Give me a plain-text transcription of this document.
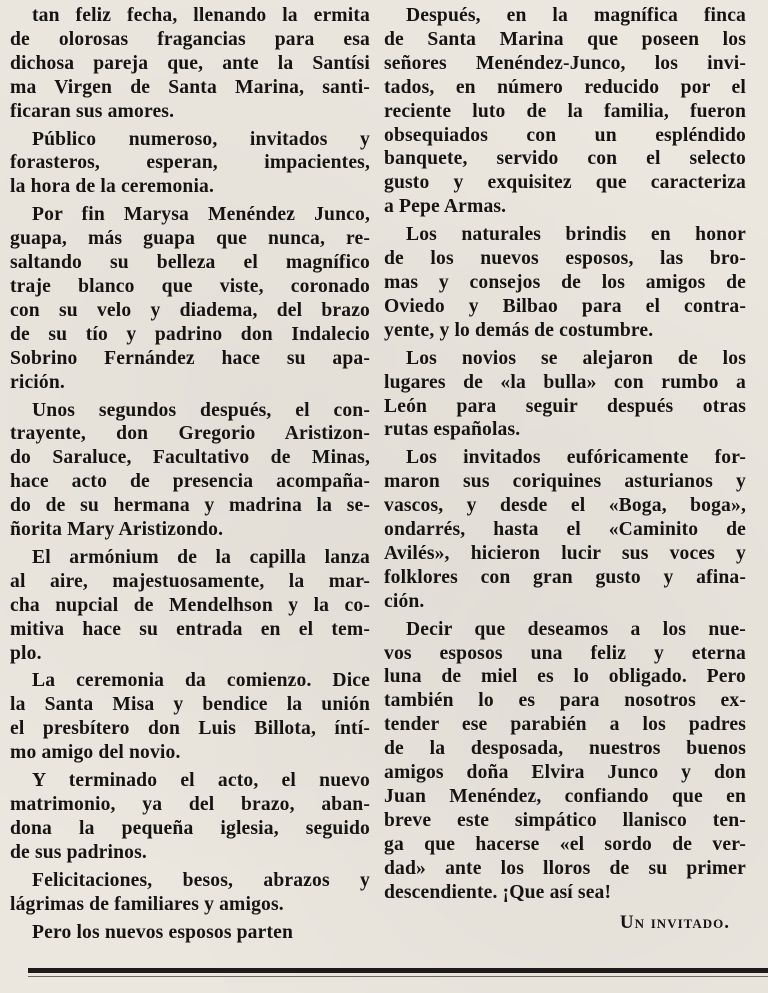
tan feliz fecha, llenando la ermita
de olorosas fragancias para esa
dichosa pareja que, ante la Santísi
ma Virgen de Santa Marina, santi-
ficaran sus amores.
Público numeroso, invitados y
forasteros, esperan, impacientes,
la hora de la ceremonia.
Por fin Marysa Menéndez Junco,
guapa, más guapa que nunca, re-
saltando su belleza el magnífico
traje blanco que viste, coronado
con su velo y diadema, del brazo
de su tío y padrino don Indalecio
Sobrino Fernández hace su apa-
rición.
Unos segundos después, el con-
trayente, don Gregorio Aristizon-
do Saraluce, Facultativo de Minas,
hace acto de presencia acompaña-
do de su hermana y madrina la se-
ñorita Mary Aristizondo.
El armónium de la capilla lanza
al aire, majestuosamente, la mar-
cha nupcial de Mendelhson y la co-
mitiva hace su entrada en el tem-
plo.
La ceremonia da comienzo. Dice
la Santa Misa y bendice la unión
el presbítero don Luis Billota, íntí-
mo amigo del novio.
Y terminado el acto, el nuevo
matrimonio, ya del brazo, aban-
dona la pequeña iglesia, seguido
de sus padrinos.
Felicitaciones, besos, abrazos y
lágrimas de familiares y amigos.
Pero los nuevos esposos parten
Después, en la magnífica finca
de Santa Marina que poseen los
señores Menéndez-Junco, los invi-
tados, en número reducido por el
reciente luto de la familia, fueron
obsequiados con un espléndido
banquete, servido con el selecto
gusto y exquisitez que caracteriza
a Pepe Armas.
Los naturales brindis en honor
de los nuevos esposos, las bro-
mas y consejos de los amigos de
Oviedo y Bilbao para el contra-
yente, y lo demás de costumbre.
Los novios se alejaron de los
lugares de «la bulla» con rumbo a
León para seguir después otras
rutas españolas.
Los invitados eufóricamente for-
maron sus coriquines asturianos y
vascos, y desde el «Boga, boga»,
ondarrés, hasta el «Caminito de
Avilés», hicieron lucir sus voces y
folklores con gran gusto y afina-
ción.
Decir que deseamos a los nue-
vos esposos una feliz y eterna
luna de miel es lo obligado. Pero
también lo es para nosotros ex-
tender ese parabién a los padres
de la desposada, nuestros buenos
amigos doña Elvira Junco y don
Juan Menéndez, confiando que en
breve este simpático llanisco ten-
ga que hacerse «el sordo de ver-
dad» ante los lloros de su primer
descendiente. ¡Que así sea!
Un invitado.
